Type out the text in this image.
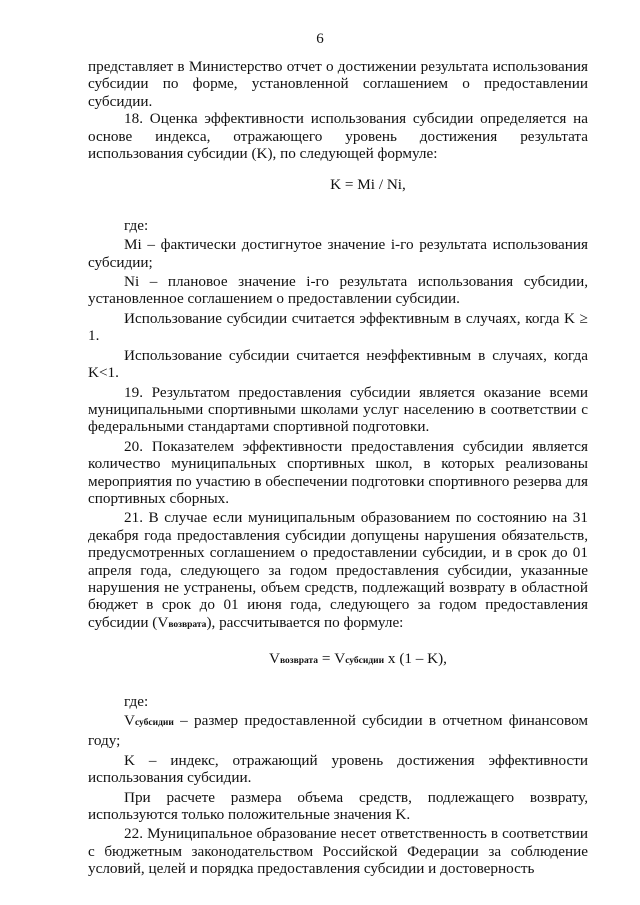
6

представляет в Министерство отчет о достижении результата использования субсидии по форме, установленной соглашением о предоставлении субсидии.

18. Оценка эффективности использования субсидии определяется на основе индекса, отражающего уровень достижения результата использования субсидии (K), по следующей формуле:

K = Mi / Ni,

где:

Mi – фактически достигнутое значение i-го результата использования субсидии;

Ni – плановое значение i-го результата использования субсидии, установленное соглашением о предоставлении субсидии.

Использование субсидии считается эффективным в случаях, когда K ≥ 1.

Использование субсидии считается неэффективным в случаях, когда K<1.

19. Результатом предоставления субсидии является оказание всеми муниципальными спортивными школами услуг населению в соответствии с федеральными стандартами спортивной подготовки.

20. Показателем эффективности предоставления субсидии является количество муниципальных спортивных школ, в которых реализованы мероприятия по участию в обеспечении подготовки спортивного резерва для спортивных сборных.

21. В случае если муниципальным образованием по состоянию на 31 декабря года предоставления субсидии допущены нарушения обязательств, предусмотренных соглашением о предоставлении субсидии, и в срок до 01 апреля года, следующего за годом предоставления субсидии, указанные нарушения не устранены, объем средств, подлежащий возврату в областной бюджет в срок до 01 июня года, следующего за годом предоставления субсидии (Vвозврата), рассчитывается по формуле:

Vвозврата = Vсубсидии x (1 – K),

где:

Vсубсидии – размер предоставленной субсидии в отчетном финансовом году;

K – индекс, отражающий уровень достижения эффективности использования субсидии.

При расчете размера объема средств, подлежащего возврату, используются только положительные значения K.

22. Муниципальное образование несет ответственность в соответствии с бюджетным законодательством Российской Федерации за соблюдение условий, целей и порядка предоставления субсидии и достоверность
